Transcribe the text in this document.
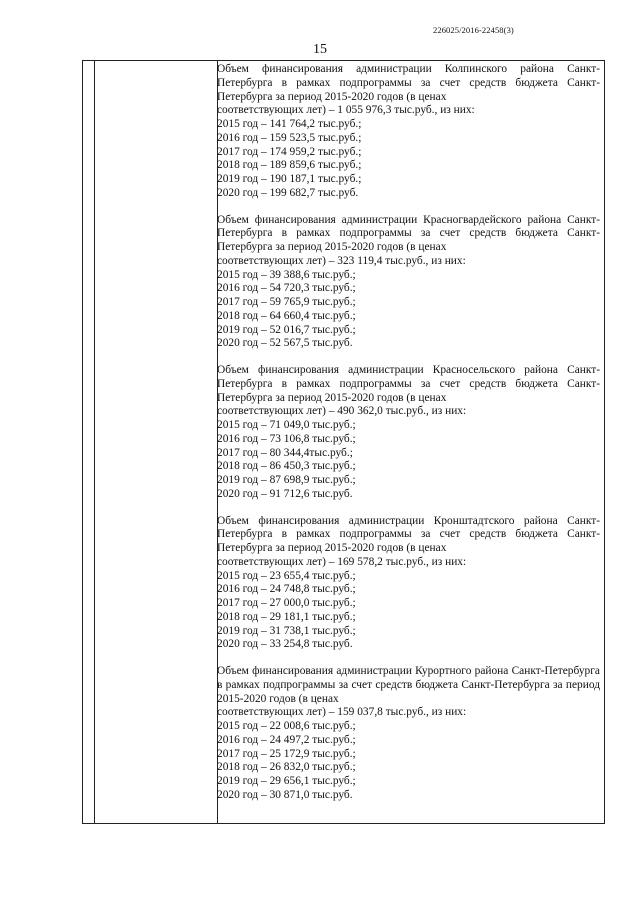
226025/2016-22458(3)
15
Объем финансирования администрации Колпинского района Санкт-Петербурга в рамках подпрограммы за счет средств бюджета Санкт-Петербурга за период 2015-2020 годов (в ценах
соответствующих лет) – 1 055 976,3 тыс.руб., из них:
2015 год – 141 764,2 тыс.руб.;
2016 год – 159 523,5 тыс.руб.;
2017 год – 174 959,2 тыс.руб.;
2018 год – 189 859,6 тыс.руб.;
2019 год – 190 187,1 тыс.руб.;
2020 год – 199 682,7 тыс.руб.
Объем финансирования администрации Красногвардейского района Санкт-Петербурга в рамках подпрограммы за счет средств бюджета Санкт-Петербурга за период 2015-2020 годов (в ценах
соответствующих лет) – 323 119,4 тыс.руб., из них:
2015 год – 39 388,6 тыс.руб.;
2016 год – 54 720,3 тыс.руб.;
2017 год – 59 765,9 тыс.руб.;
2018 год – 64 660,4 тыс.руб.;
2019 год – 52 016,7 тыс.руб.;
2020 год – 52 567,5 тыс.руб.
Объем финансирования администрации Красносельского района Санкт-Петербурга в рамках подпрограммы за счет средств бюджета Санкт-Петербурга за период 2015-2020 годов (в ценах
соответствующих лет) – 490 362,0 тыс.руб., из них:
2015 год – 71 049,0 тыс.руб.;
2016 год – 73 106,8 тыс.руб.;
2017 год – 80 344,4тыс.руб.;
2018 год – 86 450,3 тыс.руб.;
2019 год – 87 698,9 тыс.руб.;
2020 год – 91 712,6 тыс.руб.
Объем финансирования администрации Кронштадтского района Санкт-Петербурга в рамках подпрограммы за счет средств бюджета Санкт-Петербурга за период 2015-2020 годов (в ценах
соответствующих лет) – 169 578,2 тыс.руб., из них:
2015 год – 23 655,4 тыс.руб.;
2016 год – 24 748,8 тыс.руб.;
2017 год – 27 000,0 тыс.руб.;
2018 год – 29 181,1 тыс.руб.;
2019 год – 31 738,1 тыс.руб.;
2020 год – 33 254,8 тыс.руб.
Объем финансирования администрации Курортного района Санкт-Петербурга в рамках подпрограммы за счет средств бюджета Санкт-Петербурга за период 2015-2020 годов (в ценах
соответствующих лет) – 159 037,8 тыс.руб., из них:
2015 год – 22 008,6 тыс.руб.;
2016 год – 24 497,2 тыс.руб.;
2017 год – 25 172,9 тыс.руб.;
2018 год – 26 832,0 тыс.руб.;
2019 год – 29 656,1 тыс.руб.;
2020 год – 30 871,0 тыс.руб.
